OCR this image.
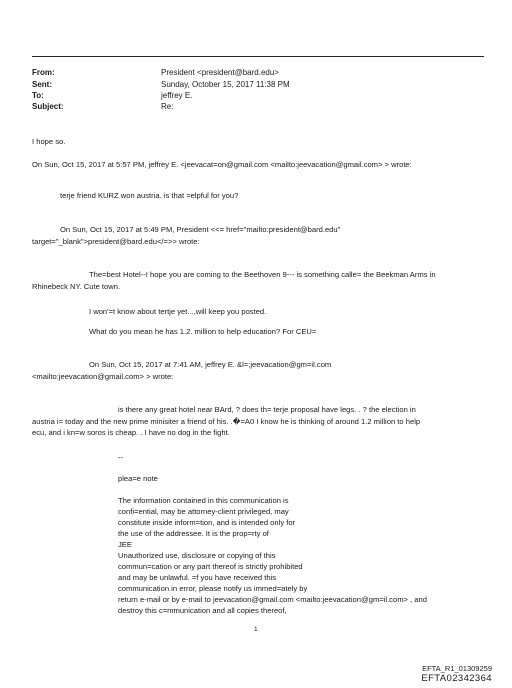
From:	President <president@bard.edu>
Sent:	Sunday, October 15, 2017 11:38 PM
To:	jeffrey E.
Subject:	Re:
I hope so.
On Sun, Oct 15, 2017 at 5:57 PM, jeffrey E. <jeevacat=on@gmail.com <mailto:jeevacation@gmail.com> > wrote:
terje friend KURZ won austria. is that =elpful for you?
On Sun, Oct 15, 2017 at 5:49 PM, President <<= href="mailto:president@bard.edu"
target="_blank">president@bard.edu</=>> wrote:
The=best Hotel--I hope you are coming to the Beethoven 9--- is something calle= the Beekman Arms in
Rhinebeck NY. Cute town.
I won'=t know about tertje yet...,will keep you posted.
What do you mean he has 1.2. million to help education? For CEU=
On Sun, Oct 15, 2017 at 7:41 AM, jeffrey E. &l=;jeevacation@gm=il.com
<mailto:jeevacation@gmail.com> > wrote:
is there any great hotel near BArd, ? does th= terje proposal have legs. . ? the election in
austria i= today and the new prime minisiter a friend of his. .�=A0 I know he is thinking of around 1.2 million to help
ecu, and i kn=w soros is cheap. . I have no dog in the fight.
--
plea=e note
The information contained in this communication is
confi=ential, may be attorney-client privileged, may
constitute inside inform=tion, and is intended only for
the use of the addressee. It is the prop=rty of
JEE
Unauthorized use, disclosure or copying of this
commun=cation or any part thereof is strictly prohibited
and may be unlawful. =f you have received this
communication in error, please notify us immed=ately by
return e-mail or by e-mail to jeevacation@gmail.com <mailto:jeevacation@gm=il.com> , and
destroy this c=mmunication and all copies thereof,
1
EFTA_R1_01309259
EFTA02342364
